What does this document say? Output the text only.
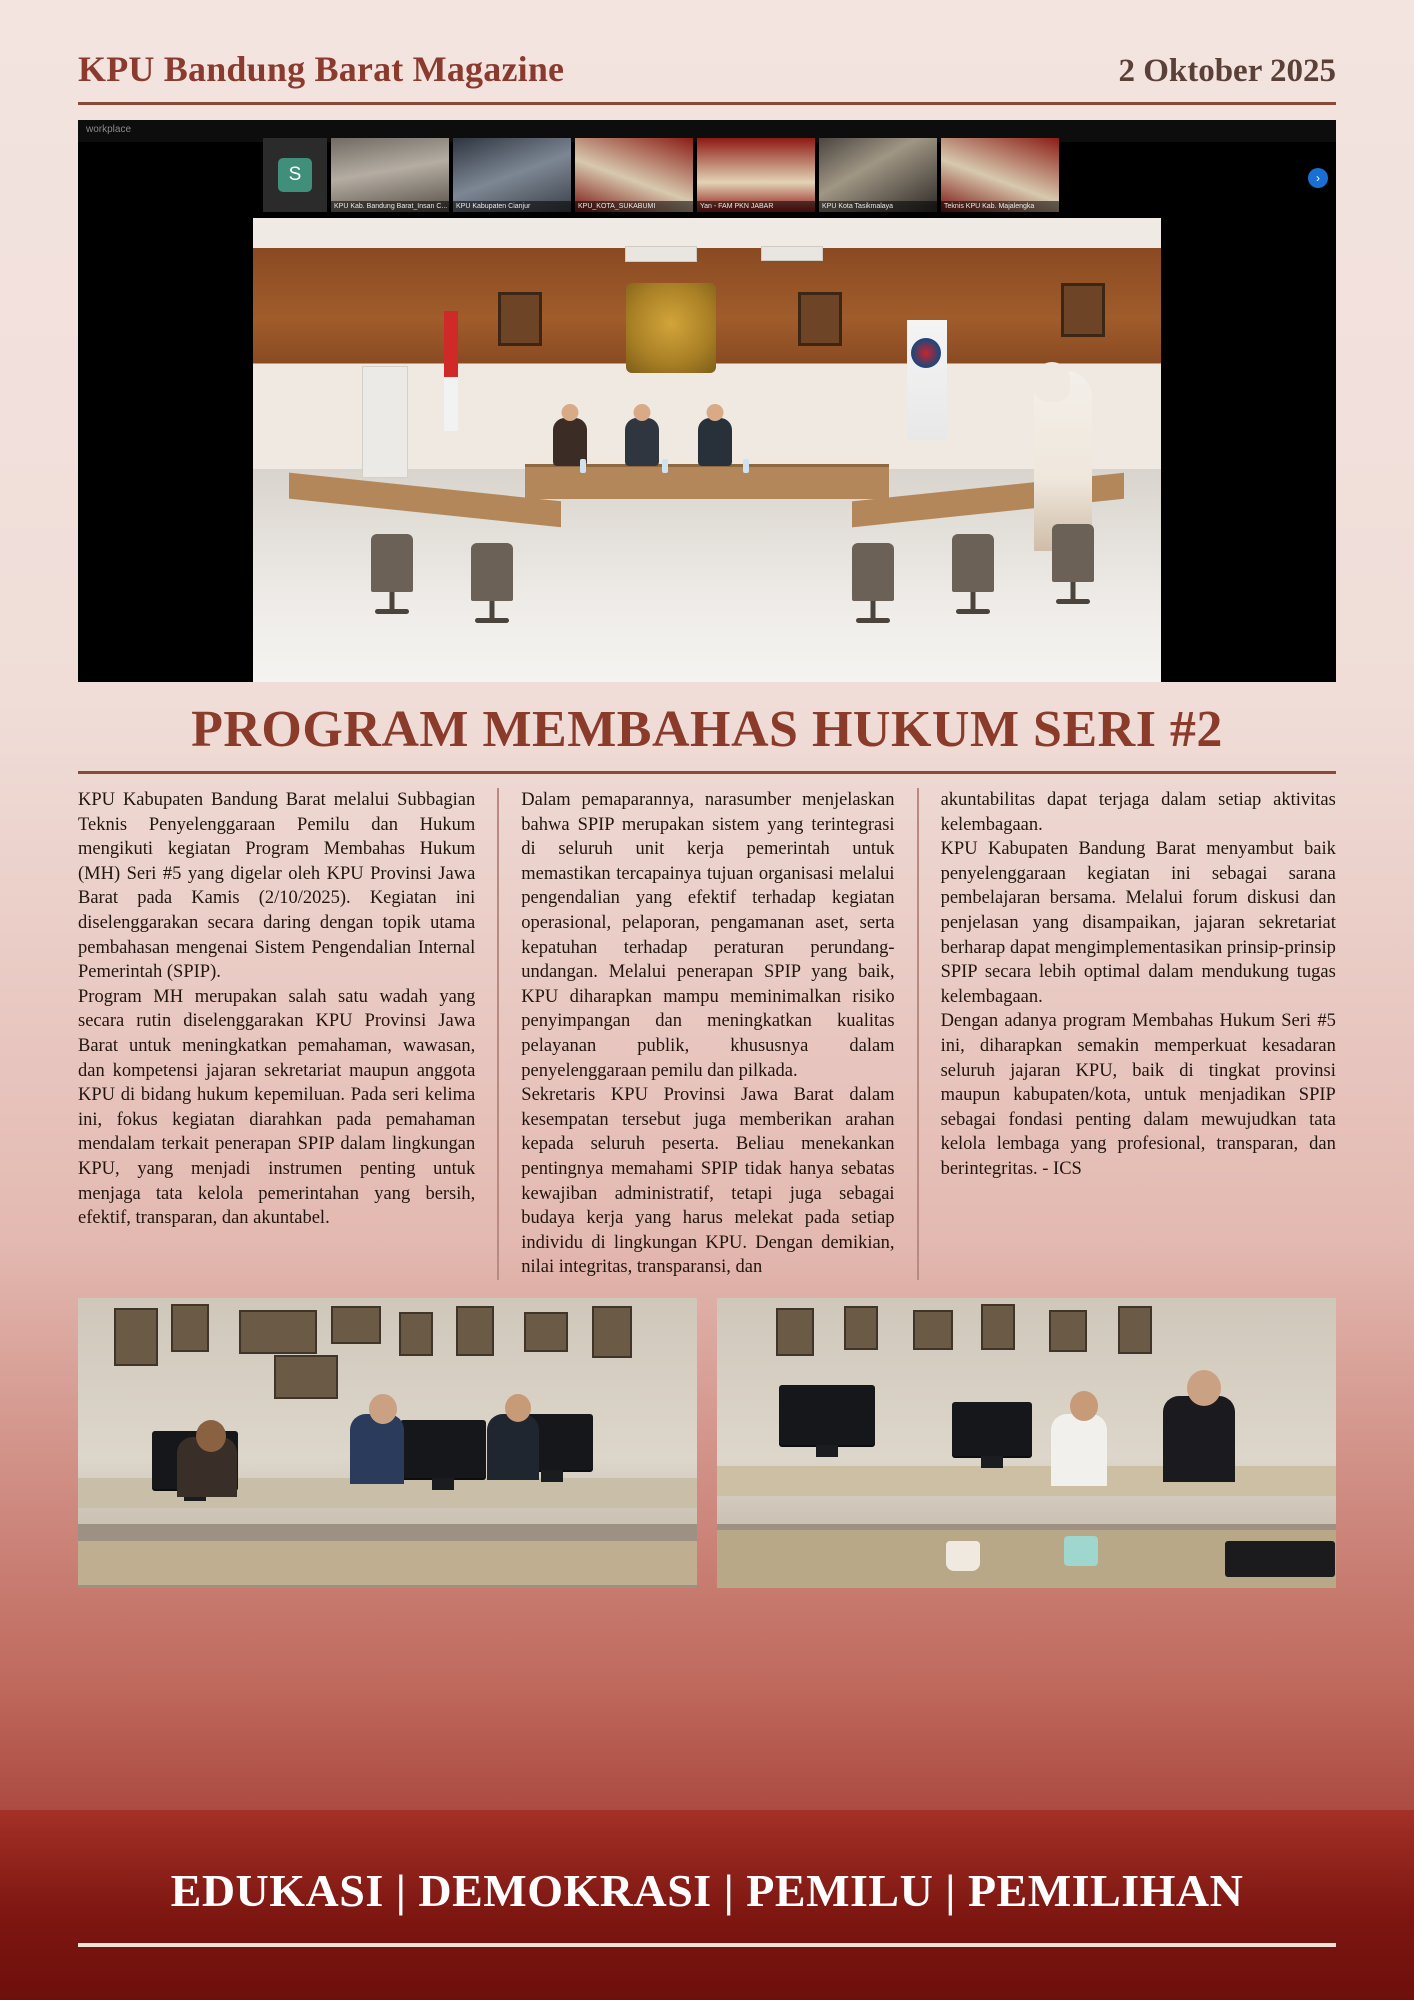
KPU Bandung Barat Magazine	2 Oktober 2025
workplace
S
KPU Kab. Bandung Barat_Insan C...	KPU Kabupaten Cianjur	KPU_KOTA_SUKABUMI	Yan - FAM PKN JABAR	KPU Kota Tasikmalaya	Teknis KPU Kab. Majalengka
›
PROGRAM MEMBAHAS HUKUM SERI #2

KPU Kabupaten Bandung Barat melalui Subbagian Teknis Penyelenggaraan Pemilu dan Hukum mengikuti kegiatan Program Membahas Hukum (MH) Seri #5 yang digelar oleh KPU Provinsi Jawa Barat pada Kamis (2/10/2025). Kegiatan ini diselenggarakan secara daring dengan topik utama pembahasan mengenai Sistem Pengendalian Internal Pemerintah (SPIP).

Program MH merupakan salah satu wadah yang secara rutin diselenggarakan KPU Provinsi Jawa Barat untuk meningkatkan pemahaman, wawasan, dan kompetensi jajaran sekretariat maupun anggota KPU di bidang hukum kepemiluan. Pada seri kelima ini, fokus kegiatan diarahkan pada pemahaman mendalam terkait penerapan SPIP dalam lingkungan KPU, yang menjadi instrumen penting untuk menjaga tata kelola pemerintahan yang bersih, efektif, transparan, dan akuntabel.

Dalam pemaparannya, narasumber menjelaskan bahwa SPIP merupakan sistem yang terintegrasi di seluruh unit kerja pemerintah untuk memastikan tercapainya tujuan organisasi melalui pengendalian yang efektif terhadap kegiatan operasional, pelaporan, pengamanan aset, serta kepatuhan terhadap peraturan perundang-undangan. Melalui penerapan SPIP yang baik, KPU diharapkan mampu meminimalkan risiko penyimpangan dan meningkatkan kualitas pelayanan publik, khususnya dalam penyelenggaraan pemilu dan pilkada.

Sekretaris KPU Provinsi Jawa Barat dalam kesempatan tersebut juga memberikan arahan kepada seluruh peserta. Beliau menekankan pentingnya memahami SPIP tidak hanya sebatas kewajiban administratif, tetapi juga sebagai budaya kerja yang harus melekat pada setiap individu di lingkungan KPU. Dengan demikian, nilai integritas, transparansi, dan

akuntabilitas dapat terjaga dalam setiap aktivitas kelembagaan.

KPU Kabupaten Bandung Barat menyambut baik penyelenggaraan kegiatan ini sebagai sarana pembelajaran bersama. Melalui forum diskusi dan penjelasan yang disampaikan, jajaran sekretariat berharap dapat mengimplementasikan prinsip-prinsip SPIP secara lebih optimal dalam mendukung tugas kelembagaan.

Dengan adanya program Membahas Hukum Seri #5 ini, diharapkan semakin memperkuat kesadaran seluruh jajaran KPU, baik di tingkat provinsi maupun kabupaten/kota, untuk menjadikan SPIP sebagai fondasi penting dalam mewujudkan tata kelola lembaga yang profesional, transparan, dan berintegritas. - ICS

EDUKASI | DEMOKRASI | PEMILU | PEMILIHAN
